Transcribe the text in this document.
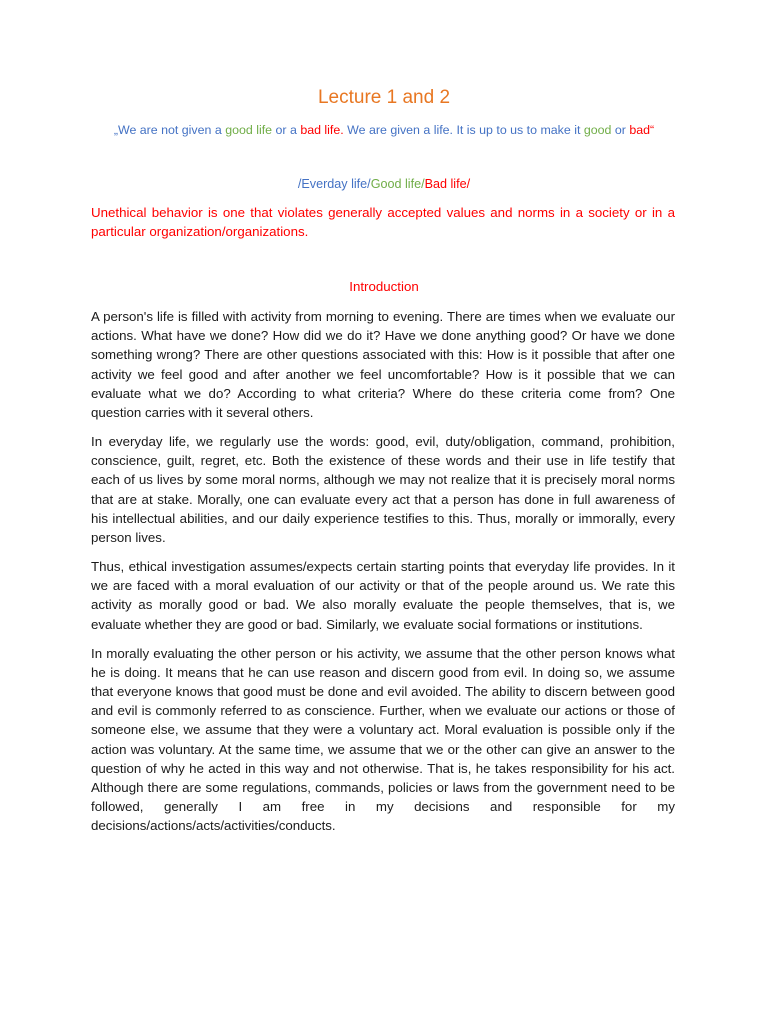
Lecture 1 and 2
„We are not given a good life or a bad life. We are given a life. It is up to us to make it good or bad“
/Everday life/Good life/Bad life/
Unethical behavior is one that violates generally accepted values and norms in a society or in a particular organization/organizations.
Introduction

A person's life is filled with activity from morning to evening. There are times when we evaluate our actions. What have we done? How did we do it? Have we done anything good? Or have we done something wrong? There are other questions associated with this: How is it possible that after one activity we feel good and after another we feel uncomfortable? How is it possible that we can evaluate what we do? According to what criteria? Where do these criteria come from? One question carries with it several others.

In everyday life, we regularly use the words: good, evil, duty/obligation, command, prohibition, conscience, guilt, regret, etc. Both the existence of these words and their use in life testify that each of us lives by some moral norms, although we may not realize that it is precisely moral norms that are at stake. Morally, one can evaluate every act that a person has done in full awareness of his intellectual abilities, and our daily experience testifies to this. Thus, morally or immorally, every person lives.

Thus, ethical investigation assumes/expects certain starting points that everyday life provides. In it we are faced with a moral evaluation of our activity or that of the people around us. We rate this activity as morally good or bad. We also morally evaluate the people themselves, that is, we evaluate whether they are good or bad. Similarly, we evaluate social formations or institutions.

In morally evaluating the other person or his activity, we assume that the other person knows what he is doing. It means that he can use reason and discern good from evil. In doing so, we assume that everyone knows that good must be done and evil avoided. The ability to discern between good and evil is commonly referred to as conscience. Further, when we evaluate our actions or those of someone else, we assume that they were a voluntary act. Moral evaluation is possible only if the action was voluntary. At the same time, we assume that we or the other can give an answer to the question of why he acted in this way and not otherwise. That is, he takes responsibility for his act. Although there are some regulations, commands, policies or laws from the government need to be followed, generally I am free in my decisions and responsible for my decisions/actions/acts/activities/conducts.
